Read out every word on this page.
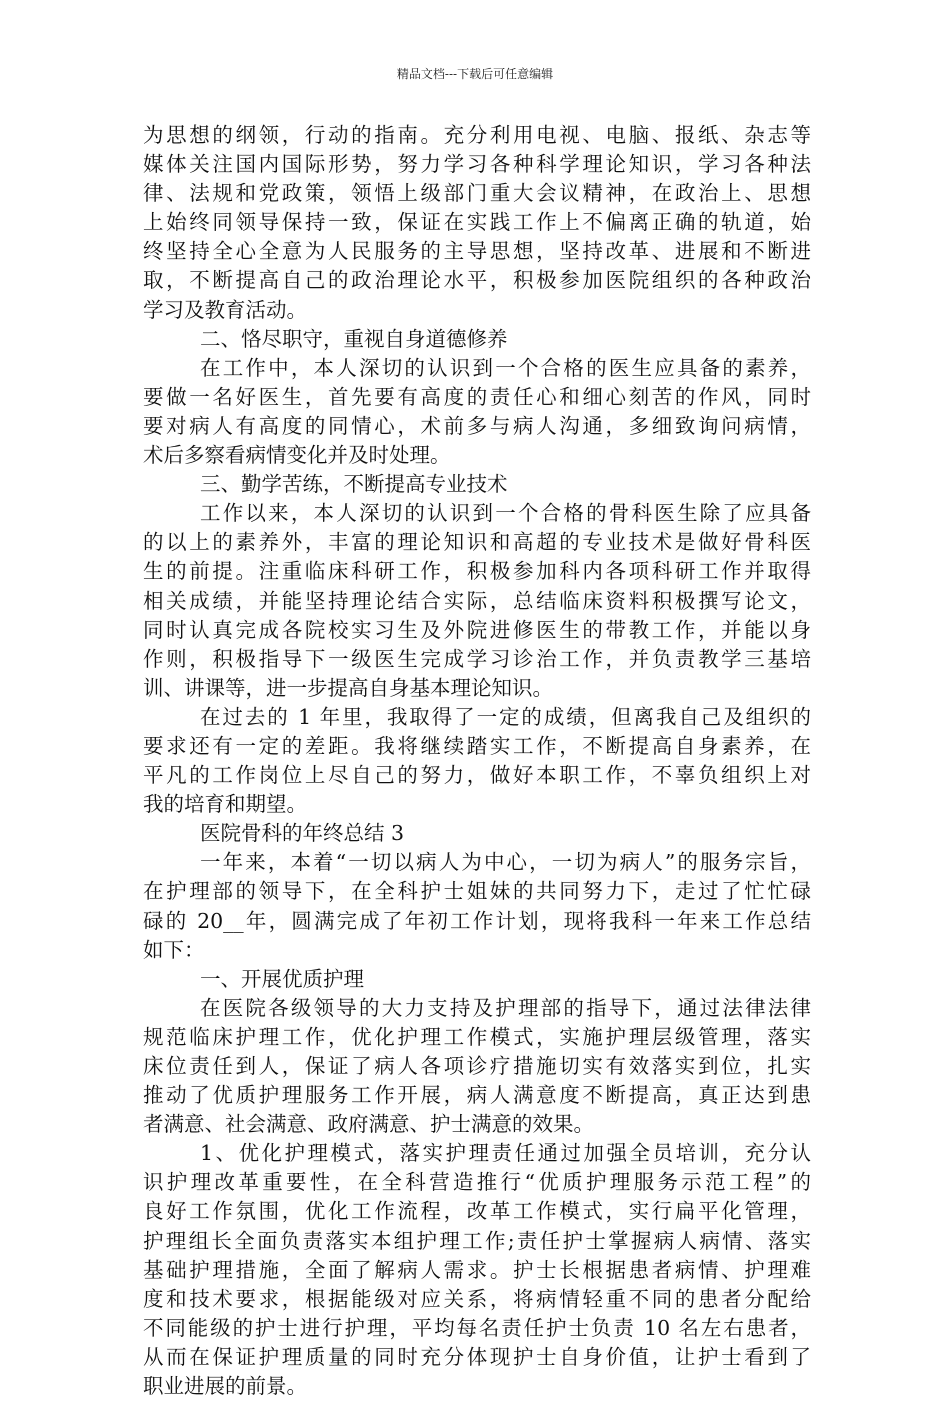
精品文档---下载后可任意编辑
为思想的纲领，行动的指南。充分利用电视、电脑、报纸、杂志等
媒体关注国内国际形势，努力学习各种科学理论知识，学习各种法
律、法规和党政策，领悟上级部门重大会议精神，在政治上、思想
上始终同领导保持一致，保证在实践工作上不偏离正确的轨道，始
终坚持全心全意为人民服务的主导思想，坚持改革、进展和不断进
取，不断提高自己的政治理论水平，积极参加医院组织的各种政治
学习及教育活动。
二、恪尽职守，重视自身道德修养
在工作中，本人深切的认识到一个合格的医生应具备的素养，
要做一名好医生，首先要有高度的责任心和细心刻苦的作风，同时
要对病人有高度的同情心，术前多与病人沟通，多细致询问病情，
术后多察看病情变化并及时处理。
三、勤学苦练，不断提高专业技术
工作以来，本人深切的认识到一个合格的骨科医生除了应具备
的以上的素养外，丰富的理论知识和高超的专业技术是做好骨科医
生的前提。注重临床科研工作，积极参加科内各项科研工作并取得
相关成绩，并能坚持理论结合实际，总结临床资料积极撰写论文，
同时认真完成各院校实习生及外院进修医生的带教工作，并能以身
作则，积极指导下一级医生完成学习诊治工作，并负责教学三基培
训、讲课等，进一步提高自身基本理论知识。
在过去的 1 年里，我取得了一定的成绩，但离我自己及组织的
要求还有一定的差距。我将继续踏实工作，不断提高自身素养，在
平凡的工作岗位上尽自己的努力，做好本职工作，不辜负组织上对
我的培育和期望。
医院骨科的年终总结 3
一年来，本着“一切以病人为中心，一切为病人”的服务宗旨，
在护理部的领导下，在全科护士姐妹的共同努力下，走过了忙忙碌
碌的 20__年，圆满完成了年初工作计划，现将我科一年来工作总结
如下：
一、开展优质护理
在医院各级领导的大力支持及护理部的指导下，通过法律法律
规范临床护理工作，优化护理工作模式，实施护理层级管理，落实
床位责任到人，保证了病人各项诊疗措施切实有效落实到位，扎实
推动了优质护理服务工作开展，病人满意度不断提高，真正达到患
者满意、社会满意、政府满意、护士满意的效果。
1、优化护理模式，落实护理责任通过加强全员培训，充分认
识护理改革重要性，在全科营造推行“优质护理服务示范工程”的
良好工作氛围，优化工作流程，改革工作模式，实行扁平化管理，
护理组长全面负责落实本组护理工作;责任护士掌握病人病情、落实
基础护理措施，全面了解病人需求。护士长根据患者病情、护理难
度和技术要求，根据能级对应关系，将病情轻重不同的患者分配给
不同能级的护士进行护理，平均每名责任护士负责 10 名左右患者，
从而在保证护理质量的同时充分体现护士自身价值，让护士看到了
职业进展的前景。
